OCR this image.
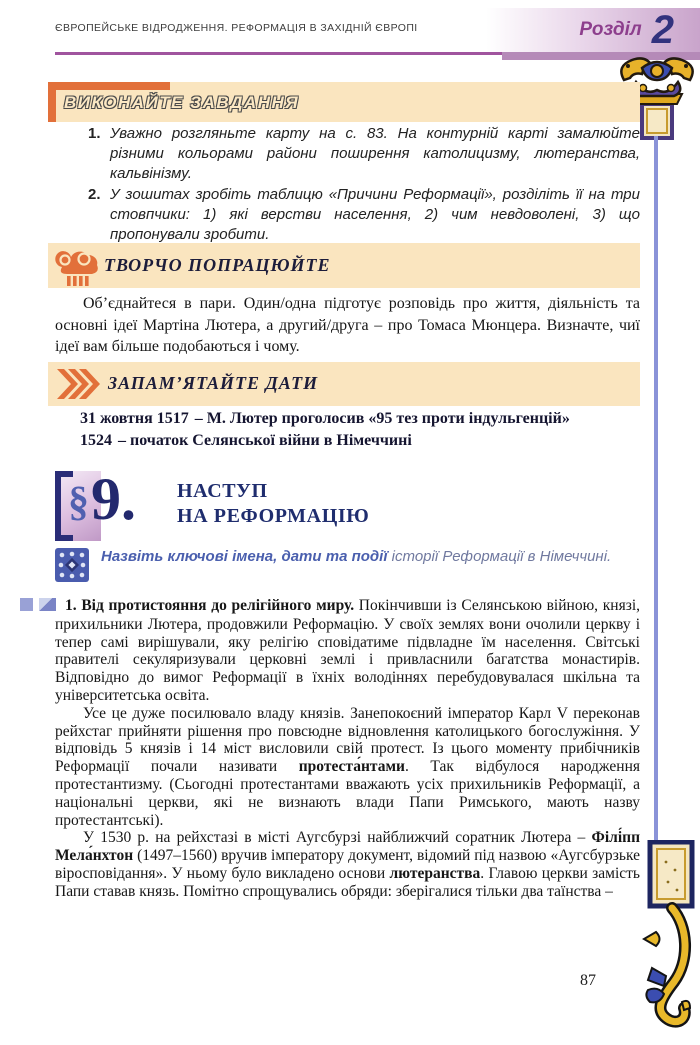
ЄВРОПЕЙСЬКЕ ВІДРОДЖЕННЯ. РЕФОРМАЦІЯ В ЗАХІДНІЙ ЄВРОПІ	Розділ 2
ВИКОНАЙТЕ ЗАВДАННЯ
1. Уважно розгляньте карту на с. 83. На контурній карті замалюйте різними кольорами райони поширення католицизму, лютеранства, кальвінізму.
2. У зошитах зробіть таблицю «Причини Реформації», розділіть її на три стовпчики: 1) які верстви населення, 2) чим невдоволені, 3) що пропонували зробити.
ТВОРЧО ПОПРАЦЮЙТЕ
Об’єднайтеся в пари. Один/одна підготує розповідь про життя, діяльність та основні ідеї Мартіна Лютера, а другий/друга – про Томаса Мюнцера. Визначте, чиї ідеї вам більше подобаються і чому.
ЗАПАМ’ЯТАЙТЕ ДАТИ
31 жовтня 1517 – М. Лютер проголосив «95 тез проти індульгенцій»
1524 – початок Селянської війни в Німеччині
§ 9. НАСТУП
НА РЕФОРМАЦІЮ
Назвіть ключові імена, дати та події історії Реформації в Німеччині.

1. Від протистояння до релігійного миру. Покінчивши із Селянською війною, князі, прихильники Лютера, продовжили Реформацію. У своїх землях вони очолили церкву і тепер самі вирішували, яку релігію сповідатиме підвладне їм населення. Світські правителі секуляризували церковні землі і привласнили багатства монастирів. Відповідно до вимог Реформації в їхніх володіннях перебудовувалася шкільна та університетська освіта.

Усе це дуже посилювало владу князів. Занепокоєний імператор Карл V переконав рейхстаг прийняти рішення про повсюдне відновлення католицького богослужіння. У відповідь 5 князів і 14 міст висловили свій протест. Із цього моменту прибічників Реформації почали називати протеста́нтами. Так відбулося народження протестантизму. (Сьогодні протестантами вважають усіх прихильників Реформації, а національні церкви, які не визнають влади Папи Римського, мають назву протестантські).

У 1530 р. на рейхстазі в місті Аугсбурзі найближчий соратник Лютера – Філі́пп Мела́нхтон (1497–1560) вручив імператору документ, відомий під назвою «Аугсбурзьке віросповідання». У ньому було викладено основи лютеранства. Главою церкви замість Папи ставав князь. Помітно спрощувались обряди: зберігалися тільки два таїнства –

87
